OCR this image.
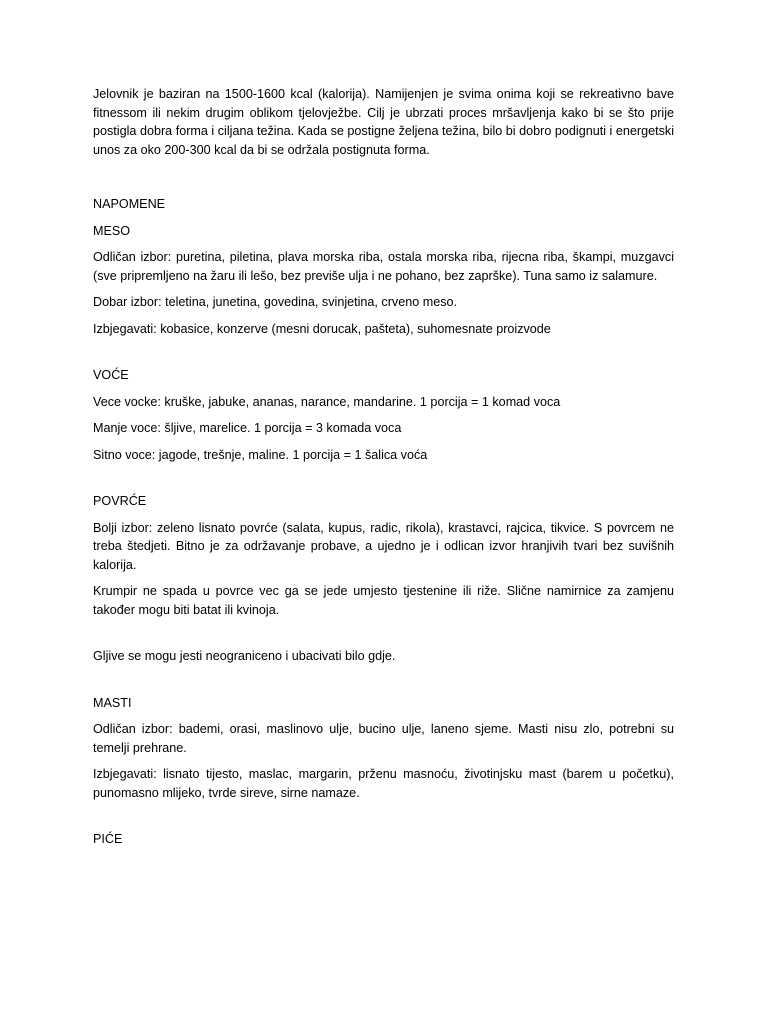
Jelovnik je baziran na 1500-1600 kcal (kalorija). Namijenjen je svima onima koji se rekreativno bave fitnessom ili nekim drugim oblikom tjelovježbe. Cilj je ubrzati proces mršavljenja kako bi se što prije postigla dobra forma i ciljana težina. Kada se postigne željena težina, bilo bi dobro podignuti i energetski unos za oko 200-300 kcal da bi se održala postignuta forma.

NAPOMENE

MESO

Odličan izbor: puretina, piletina, plava morska riba, ostala morska riba, rijecna riba, škampi, muzgavci (sve pripremljeno na žaru ili lešo, bez previše ulja i ne pohano, bez zaprške). Tuna samo iz salamure.

Dobar izbor: teletina, junetina, govedina, svinjetina, crveno meso.

Izbjegavati: kobasice, konzerve (mesni dorucak, pašteta), suhomesnate proizvode

VOĆE

Vece vocke: kruške, jabuke, ananas, narance, mandarine. 1 porcija = 1 komad voca

Manje voce: šljive, marelice. 1 porcija = 3 komada voca

Sitno voce: jagode, trešnje, maline. 1 porcija = 1 šalica voća

POVRĆE

Bolji izbor: zeleno lisnato povrće (salata, kupus, radic, rikola), krastavci, rajcica, tikvice. S povrcem ne treba štedjeti. Bitno je za održavanje probave, a ujedno je i odlican izvor hranjivih tvari bez suvišnih kalorija.

Krumpir ne spada u povrce vec ga se jede umjesto tjestenine ili riže. Slične namirnice za zamjenu također mogu biti batat ili kvinoja.

Gljive se mogu jesti neograniceno i ubacivati bilo gdje.

MASTI

Odličan izbor: bademi, orasi, maslinovo ulje, bucino ulje, laneno sjeme. Masti nisu zlo, potrebni su temelji prehrane.

Izbjegavati: lisnato tijesto, maslac, margarin, prženu masnoću, životinjsku mast (barem u početku), punomasno mlijeko, tvrde sireve, sirne namaze.

PIĆE
